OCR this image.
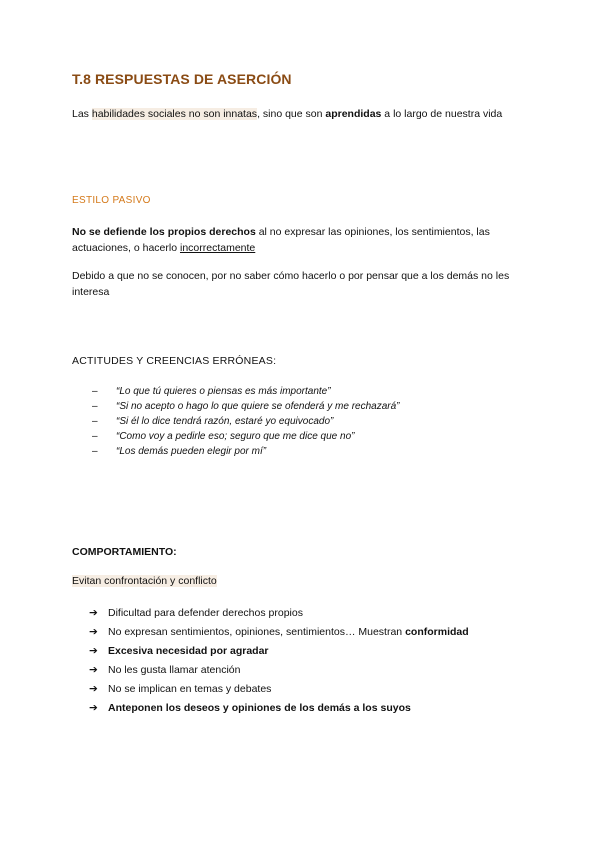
T.8 RESPUESTAS DE ASERCIÓN
Las habilidades sociales no son innatas, sino que son aprendidas a lo largo de nuestra vida
ESTILO PASIVO
No se defiende los propios derechos al no expresar las opiniones, los sentimientos, las actuaciones, o hacerlo incorrectamente
Debido a que no se conocen, por no saber cómo hacerlo o por pensar que a los demás no les interesa
ACTITUDES Y CREENCIAS ERRÓNEAS:
– “Lo que tú quieres o piensas es más importante”
– “Si no acepto o hago lo que quiere se ofenderá y me rechazará”
– “Si él lo dice tendrá razón, estaré yo equivocado”
– “Como voy a pedirle eso; seguro que me dice que no”
– “Los demás pueden elegir por mí”
COMPORTAMIENTO:
Evitan confrontación y conflicto
➔ Dificultad para defender derechos propios
➔ No expresan sentimientos, opiniones, sentimientos… Muestran conformidad
➔ Excesiva necesidad por agradar
➔ No les gusta llamar atención
➔ No se implican en temas y debates
➔ Anteponen los deseos y opiniones de los demás a los suyos
